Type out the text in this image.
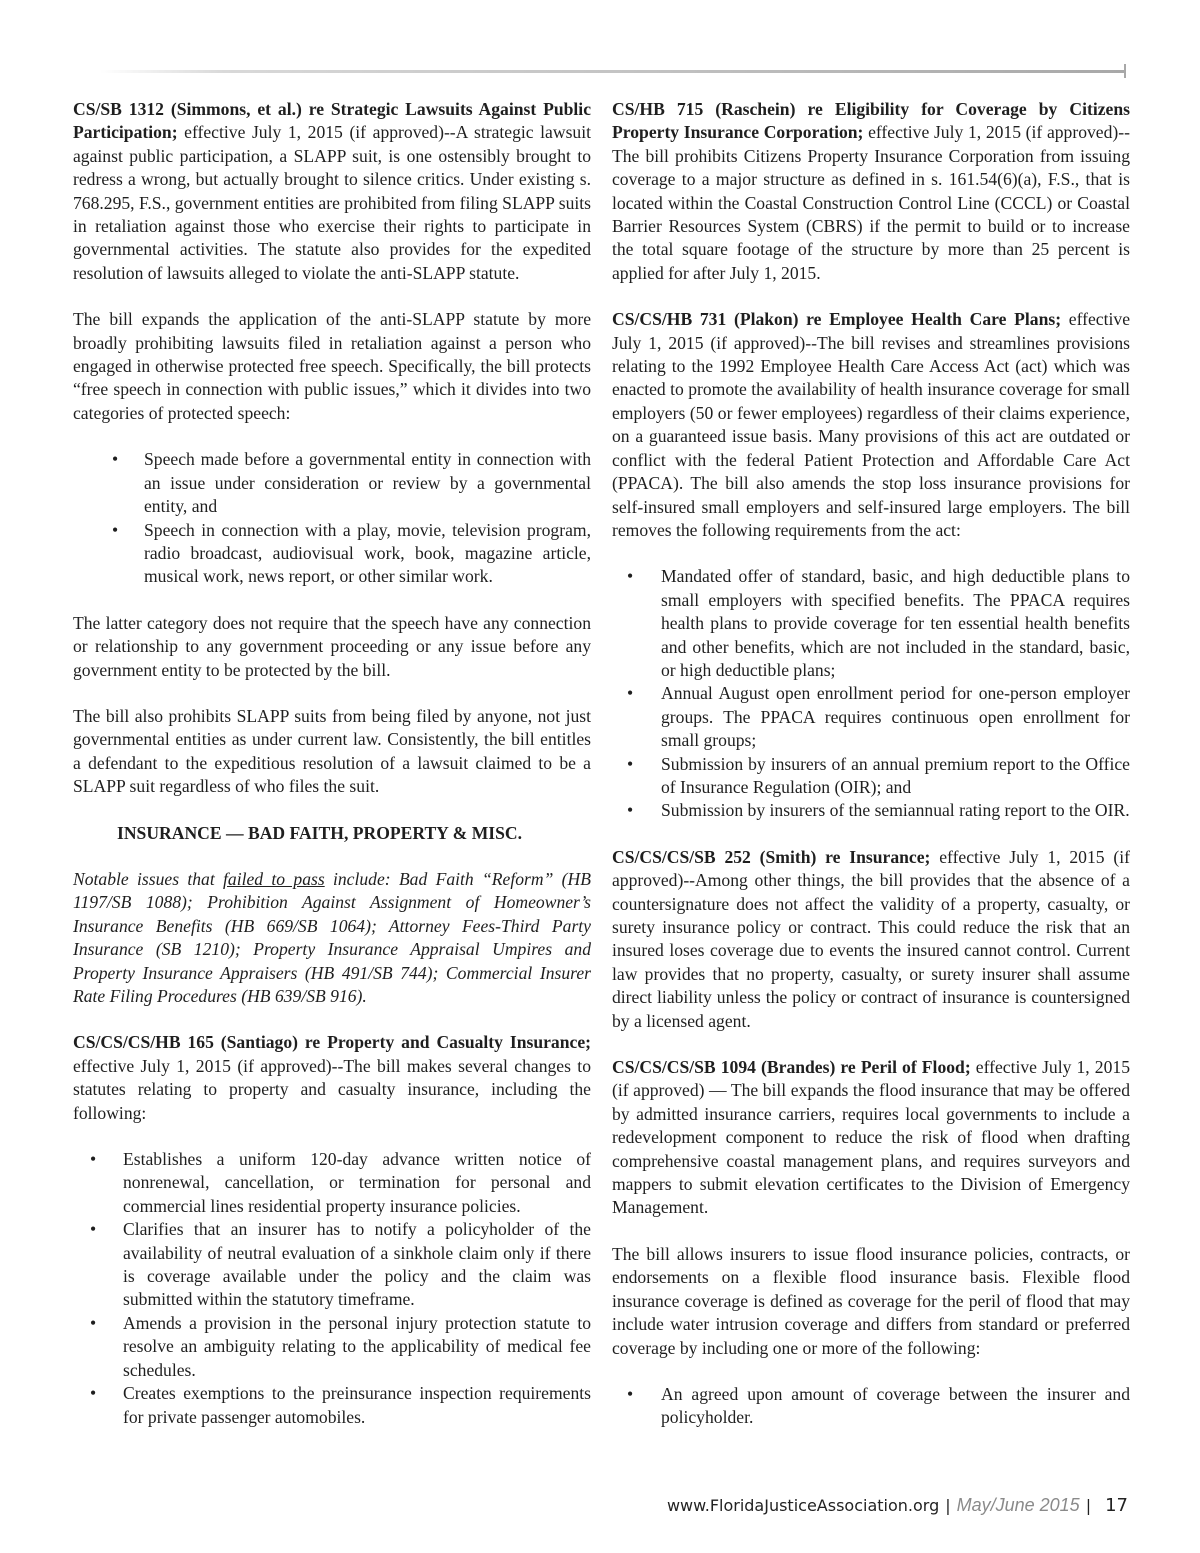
CS/SB 1312 (Simmons, et al.) re Strategic Lawsuits Against Public Participation; effective July 1, 2015 (if approved)--A strategic lawsuit against public participation, a SLAPP suit, is one ostensibly brought to redress a wrong, but actually brought to silence critics. Under existing s. 768.295, F.S., government entities are prohibited from filing SLAPP suits in retaliation against those who exercise their rights to participate in governmental activities. The statute also provides for the expedited resolution of lawsuits alleged to violate the anti-SLAPP statute.

The bill expands the application of the anti-SLAPP statute by more broadly prohibiting lawsuits filed in retaliation against a person who engaged in otherwise protected free speech. Specifically, the bill protects “free speech in connection with public issues,” which it divides into two categories of protected speech:

• Speech made before a governmental entity in connection with an issue under consideration or review by a governmental entity, and
• Speech in connection with a play, movie, television program, radio broadcast, audiovisual work, book, magazine article, musical work, news report, or other similar work.

The latter category does not require that the speech have any connection or relationship to any government proceeding or any issue before any government entity to be protected by the bill.

The bill also prohibits SLAPP suits from being filed by anyone, not just governmental entities as under current law. Consistently, the bill entitles a defendant to the expeditious resolution of a lawsuit claimed to be a SLAPP suit regardless of who files the suit.

INSURANCE — BAD FAITH, PROPERTY & MISC.

Notable issues that failed to pass include: Bad Faith “Reform” (HB 1197/SB 1088); Prohibition Against Assignment of Homeowner’s Insurance Benefits (HB 669/SB 1064); Attorney Fees-Third Party Insurance (SB 1210); Property Insurance Appraisal Umpires and Property Insurance Appraisers (HB 491/SB 744); Commercial Insurer Rate Filing Procedures (HB 639/SB 916).

CS/CS/CS/HB 165 (Santiago) re Property and Casualty Insurance; effective July 1, 2015 (if approved)--The bill makes several changes to statutes relating to property and casualty insurance, including the following:

• Establishes a uniform 120-day advance written notice of nonrenewal, cancellation, or termination for personal and commercial lines residential property insurance policies.
• Clarifies that an insurer has to notify a policyholder of the availability of neutral evaluation of a sinkhole claim only if there is coverage available under the policy and the claim was submitted within the statutory timeframe.
• Amends a provision in the personal injury protection statute to resolve an ambiguity relating to the applicability of medical fee schedules.
• Creates exemptions to the preinsurance inspection requirements for private passenger automobiles.

CS/HB 715 (Raschein) re Eligibility for Coverage by Citizens Property Insurance Corporation; effective July 1, 2015 (if approved)--The bill prohibits Citizens Property Insurance Corporation from issuing coverage to a major structure as defined in s. 161.54(6)(a), F.S., that is located within the Coastal Construction Control Line (CCCL) or Coastal Barrier Resources System (CBRS) if the permit to build or to increase the total square footage of the structure by more than 25 percent is applied for after July 1, 2015.

CS/CS/HB 731 (Plakon) re Employee Health Care Plans; effective July 1, 2015 (if approved)--The bill revises and streamlines provisions relating to the 1992 Employee Health Care Access Act (act) which was enacted to promote the availability of health insurance coverage for small employers (50 or fewer employees) regardless of their claims experience, on a guaranteed issue basis. Many provisions of this act are outdated or conflict with the federal Patient Protection and Affordable Care Act (PPACA). The bill also amends the stop loss insurance provisions for self-insured small employers and self-insured large employers. The bill removes the following requirements from the act:

• Mandated offer of standard, basic, and high deductible plans to small employers with specified benefits. The PPACA requires health plans to provide coverage for ten essential health benefits and other benefits, which are not included in the standard, basic, or high deductible plans;
• Annual August open enrollment period for one-person employer groups. The PPACA requires continuous open enrollment for small groups;
• Submission by insurers of an annual premium report to the Office of Insurance Regulation (OIR); and
• Submission by insurers of the semiannual rating report to the OIR.

CS/CS/CS/SB 252 (Smith) re Insurance; effective July 1, 2015 (if approved)--Among other things, the bill provides that the absence of a countersignature does not affect the validity of a property, casualty, or surety insurance policy or contract. This could reduce the risk that an insured loses coverage due to events the insured cannot control. Current law provides that no property, casualty, or surety insurer shall assume direct liability unless the policy or contract of insurance is countersigned by a licensed agent.

CS/CS/CS/SB 1094 (Brandes) re Peril of Flood; effective July 1, 2015 (if approved) — The bill expands the flood insurance that may be offered by admitted insurance carriers, requires local governments to include a redevelopment component to reduce the risk of flood when drafting comprehensive coastal management plans, and requires surveyors and mappers to submit elevation certificates to the Division of Emergency Management.

The bill allows insurers to issue flood insurance policies, contracts, or endorsements on a flexible flood insurance basis. Flexible flood insurance coverage is defined as coverage for the peril of flood that may include water intrusion coverage and differs from standard or preferred coverage by including one or more of the following:

• An agreed upon amount of coverage between the insurer and policyholder.
www.FloridaJusticeAssociation.org | May/June 2015 | 17
